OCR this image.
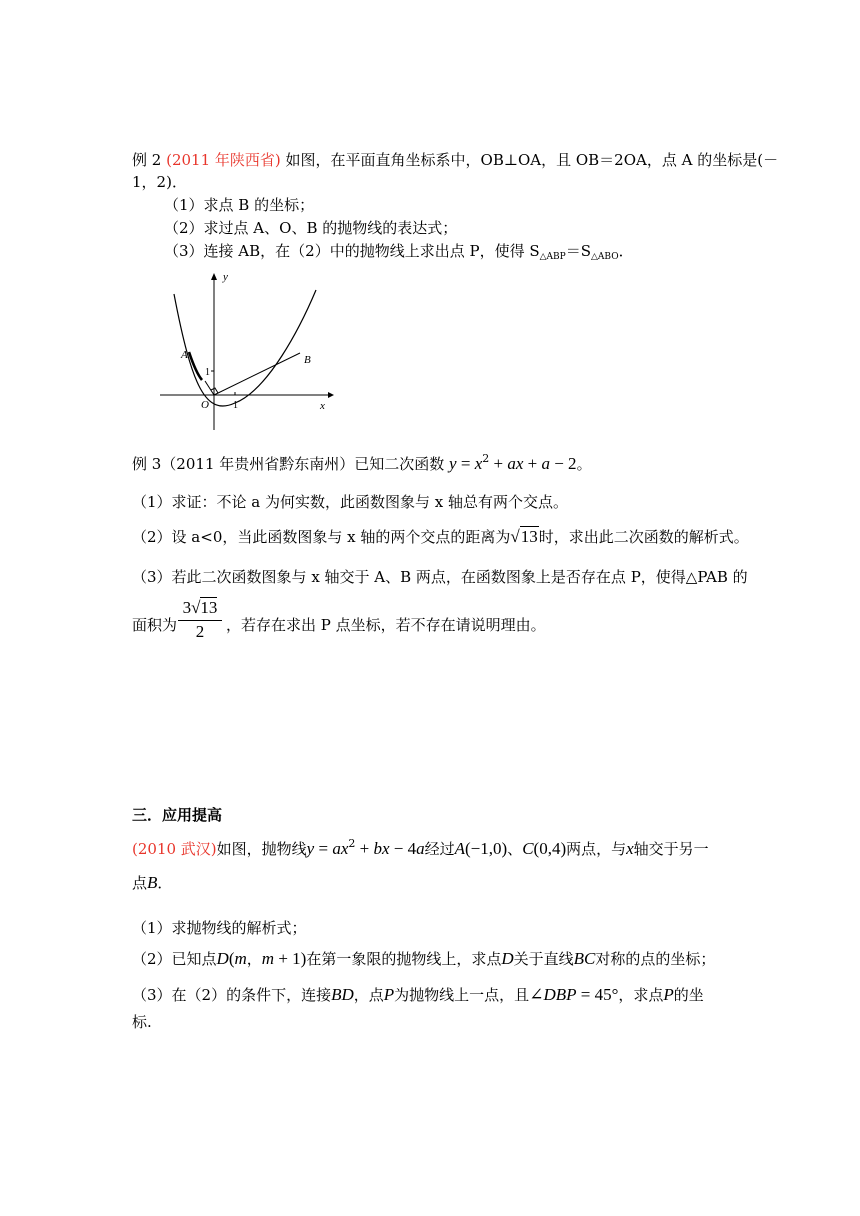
例 2 (2011 年陕西省) 如图，在平面直角坐标系中，OB⊥OA，且 OB＝2OA，点 A 的坐标是(－
1，2)．
（1）求点 B 的坐标；
（2）求过点 A、O、B 的抛物线的表达式；
（3）连接 AB，在（2）中的抛物线上求出点 P，使得 $S_{\triangle ABP}=S_{\triangle ABO}$．
y
x
O
A	B
1
1
例 3（2011 年贵州省黔东南州）已知二次函数 $y = x^2$ + ax + a − 2。
（1）求证：不论 a 为何实数，此函数图象与 x 轴总有两个交点。
（2）设 a<0，当此函数图象与 x 轴的两个交点的距离为√13时，求出此二次函数的解析式。
（3）若此二次函数图象与 x 轴交于 A、B 两点，在函数图象上是否存在点 P，使得△PAB 的
面积为
3√13
2	，若存在求出 P 点坐标，若不存在请说明理由。
三．应用提高
(2010 武汉)如图，抛物线$y = ax^2$ + bx − 4a经过A(−1,0)、C(0,4)两点，与x轴交于另一
点B．
（1）求抛物线的解析式；
（2）已知点D(m，m + 1)在第一象限的抛物线上，求点D关于直线BC对称的点的坐标；
（3）在（2）的条件下，连接BD，点P为抛物线上一点，且∠DBP = 45°，求点P的坐
标.
